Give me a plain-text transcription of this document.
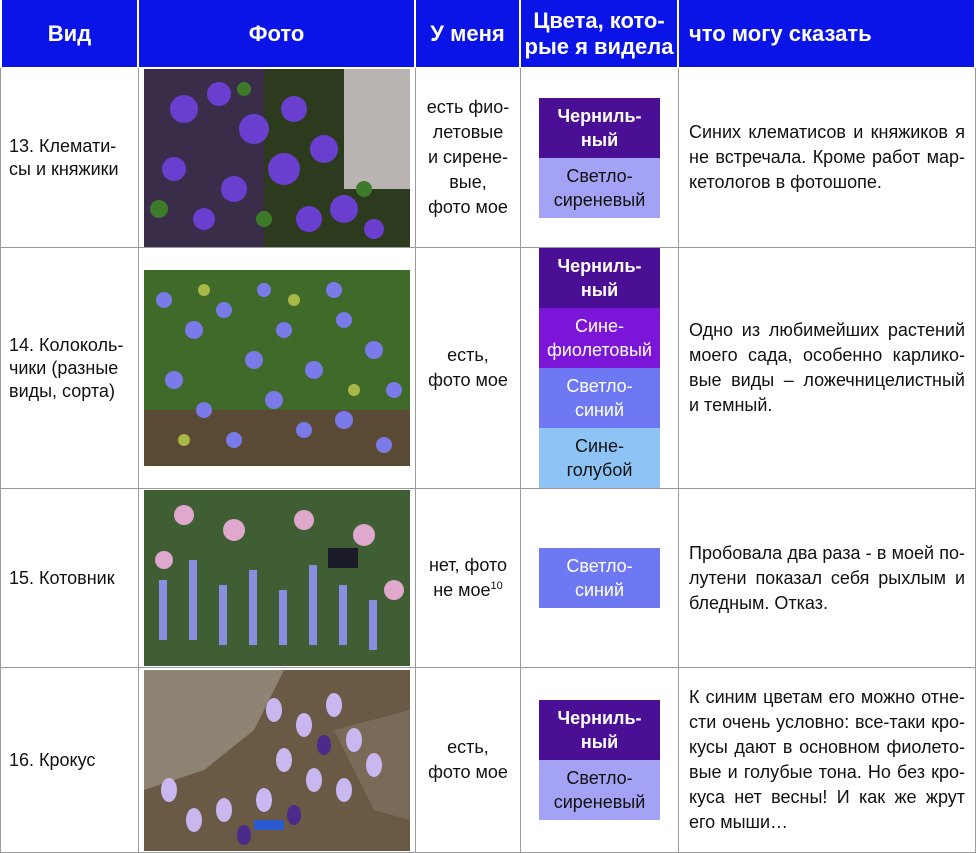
Вид	Фото	У меня
Цвета, кото-
рые я видела
что могу сказать
13. Клемати-
сы и княжики
есть фио-
летовые
и сирене-
вые,
фото мое
Черниль-
ный
Светло-
сиреневый
Синих клематисов и княжиков я не встречала. Кроме работ мар-кетологов в фотошопе.
14. Колоколь-
чики (разные
виды, сорта)
есть,
фото мое
Черниль-
ный
Сине-
фиолетовый
Светло-
синий
Сине-
голубой
Одно из любимейших растений моего сада, особенно карлико-вые виды – ложечницелистный и темный.
15. Котовник
нет, фото
не мое$^{10}$
Светло-
синий
Пробовала два раза - в моей по-лутени показал себя рыхлым и бледным. Отказ.
16. Крокус
есть,
фото мое
Черниль-
ный
Светло-
сиреневый
К синим цветам его можно отне-сти очень условно: все-таки кро-кусы дают в основном фиолето-вые и голубые тона. Но без кро-куса нет весны! И как же жрут его мыши…
